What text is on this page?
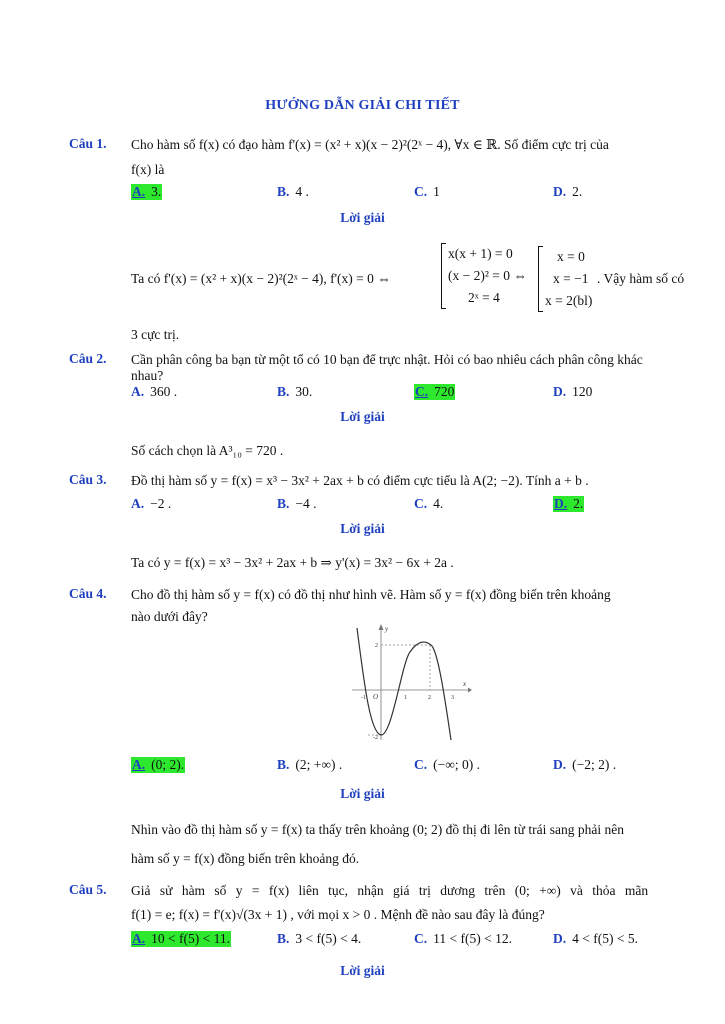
HƯỚNG DẪN GIẢI CHI TIẾT
Câu 1. Cho hàm số f(x) có đạo hàm f'(x) = (x² + x)(x − 2)²(2ˣ − 4), ∀x ∈ ℝ. Số điểm cực trị của
f(x) là
A. 3.	B. 4 .	C. 1	D. 2.
Lời giải
Ta có f'(x) = (x² + x)(x − 2)²(2ˣ − 4), f'(x) = 0 ⇔
x(x + 1) = 0
(x − 2)² = 0 ⇔
2ˣ = 4
x = 0
x = −1
x = 2(bl)
. Vậy hàm số có
3 cực trị.
Câu 2. Cần phân công ba bạn từ một tổ có 10 bạn để trực nhật. Hỏi có bao nhiêu cách phân công khác
nhau?
A. 360 .	B. 30.	C. 720	D. 120
Lời giải
Số cách chọn là A³₁₀ = 720 .
Câu 3. Đồ thị hàm số y = f(x) = x³ − 3x² + 2ax + b có điểm cực tiểu là A(2; −2). Tính a + b .
A. −2 .	B. −4 .	C. 4.	D. 2.
Lời giải
Ta có y = f(x) = x³ − 3x² + 2ax + b ⇒ y'(x) = 3x² − 6x + 2a .
Câu 4. Cho đồ thị hàm số y = f(x) có đồ thị như hình vẽ. Hàm số y = f(x) đồng biến trên khoảng
nào dưới đây?
y
x
O
-1	1	2	3
2
-2
A. (0; 2).	B. (2; +∞) .	C. (−∞; 0) .	D. (−2; 2) .
Lời giải
Nhìn vào đồ thị hàm số y = f(x) ta thấy trên khoảng (0; 2) đồ thị đi lên từ trái sang phải nên
hàm số y = f(x) đồng biến trên khoảng đó.
Câu 5. Giả sử hàm số y = f(x) liên tục, nhận giá trị dương trên (0; +∞) và thỏa mãn
f(1) = e; f(x) = f'(x)√(3x + 1) , với mọi x > 0 . Mệnh đề nào sau đây là đúng?
A. 10 < f(5) < 11.	B. 3 < f(5) < 4.	C. 11 < f(5) < 12.	D. 4 < f(5) < 5.
Lời giải
